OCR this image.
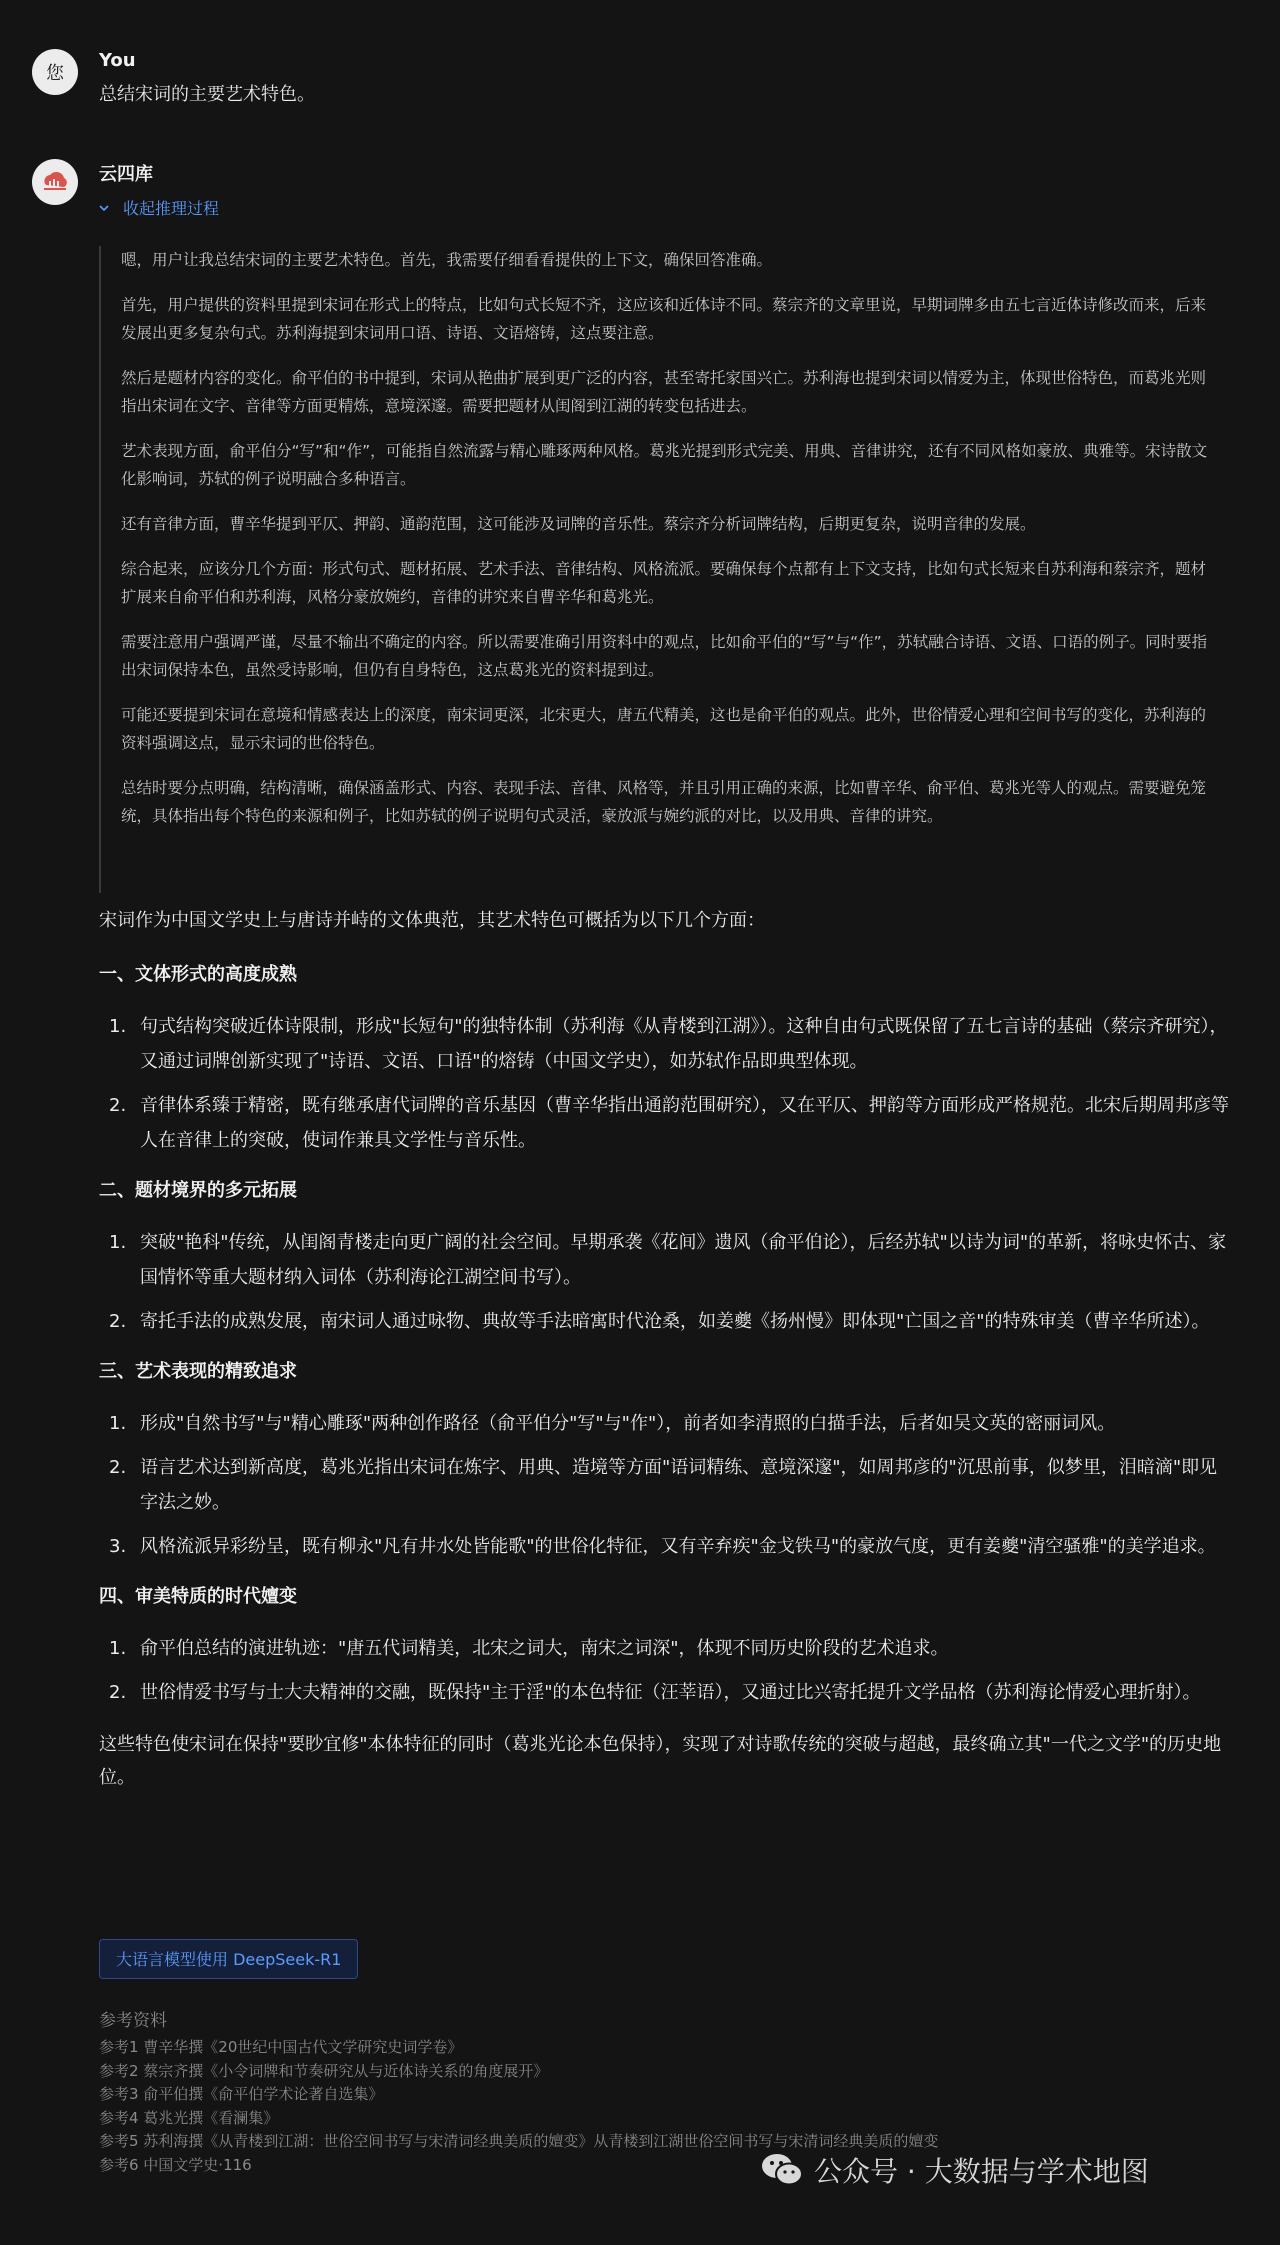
您
You
总结宋词的主要艺术特色。
云四库
收起推理过程

嗯，用户让我总结宋词的主要艺术特色。首先，我需要仔细看看提供的上下文，确保回答准确。

首先，用户提供的资料里提到宋词在形式上的特点，比如句式长短不齐，这应该和近体诗不同。蔡宗齐的文章里说，早期词牌多由五七言近体诗修改而来，后来发展出更多复杂句式。苏利海提到宋词用口语、诗语、文语熔铸，这点要注意。

然后是题材内容的变化。俞平伯的书中提到，宋词从艳曲扩展到更广泛的内容，甚至寄托家国兴亡。苏利海也提到宋词以情爱为主，体现世俗特色，而葛兆光则指出宋词在文字、音律等方面更精炼，意境深邃。需要把题材从闺阁到江湖的转变包括进去。

艺术表现方面，俞平伯分“写”和“作”，可能指自然流露与精心雕琢两种风格。葛兆光提到形式完美、用典、音律讲究，还有不同风格如豪放、典雅等。宋诗散文化影响词，苏轼的例子说明融合多种语言。

还有音律方面，曹辛华提到平仄、押韵、通韵范围，这可能涉及词牌的音乐性。蔡宗齐分析词牌结构，后期更复杂，说明音律的发展。

综合起来，应该分几个方面：形式句式、题材拓展、艺术手法、音律结构、风格流派。要确保每个点都有上下文支持，比如句式长短来自苏利海和蔡宗齐，题材扩展来自俞平伯和苏利海，风格分豪放婉约，音律的讲究来自曹辛华和葛兆光。

需要注意用户强调严谨，尽量不输出不确定的内容。所以需要准确引用资料中的观点，比如俞平伯的“写”与“作”，苏轼融合诗语、文语、口语的例子。同时要指出宋词保持本色，虽然受诗影响，但仍有自身特色，这点葛兆光的资料提到过。

可能还要提到宋词在意境和情感表达上的深度，南宋词更深，北宋更大，唐五代精美，这也是俞平伯的观点。此外，世俗情爱心理和空间书写的变化，苏利海的资料强调这点，显示宋词的世俗特色。

总结时要分点明确，结构清晰，确保涵盖形式、内容、表现手法、音律、风格等，并且引用正确的来源，比如曹辛华、俞平伯、葛兆光等人的观点。需要避免笼统，具体指出每个特色的来源和例子，比如苏轼的例子说明句式灵活，豪放派与婉约派的对比，以及用典、音律的讲究。

宋词作为中国文学史上与唐诗并峙的文体典范，其艺术特色可概括为以下几个方面：

一、文体形式的高度成熟
1. 句式结构突破近体诗限制，形成"长短句"的独特体制（苏利海《从青楼到江湖》）。这种自由句式既保留了五七言诗的基础（蔡宗齐研究），又通过词牌创新实现了"诗语、文语、口语"的熔铸（中国文学史），如苏轼作品即典型体现。
2. 音律体系臻于精密，既有继承唐代词牌的音乐基因（曹辛华指出通韵范围研究），又在平仄、押韵等方面形成严格规范。北宋后期周邦彦等人在音律上的突破，使词作兼具文学性与音乐性。
二、题材境界的多元拓展
1. 突破"艳科"传统，从闺阁青楼走向更广阔的社会空间。早期承袭《花间》遗风（俞平伯论），后经苏轼"以诗为词"的革新，将咏史怀古、家国情怀等重大题材纳入词体（苏利海论江湖空间书写）。
2. 寄托手法的成熟发展，南宋词人通过咏物、典故等手法暗寓时代沧桑，如姜夔《扬州慢》即体现"亡国之音"的特殊审美（曹辛华所述）。
三、艺术表现的精致追求
1. 形成"自然书写"与"精心雕琢"两种创作路径（俞平伯分"写"与"作"），前者如李清照的白描手法，后者如吴文英的密丽词风。
2. 语言艺术达到新高度，葛兆光指出宋词在炼字、用典、造境等方面"语词精练、意境深邃"，如周邦彦的"沉思前事，似梦里，泪暗滴"即见字法之妙。
3. 风格流派异彩纷呈，既有柳永"凡有井水处皆能歌"的世俗化特征，又有辛弃疾"金戈铁马"的豪放气度，更有姜夔"清空骚雅"的美学追求。
四、审美特质的时代嬗变
1. 俞平伯总结的演进轨迹："唐五代词精美，北宋之词大，南宋之词深"，体现不同历史阶段的艺术追求。
2. 世俗情爱书写与士大夫精神的交融，既保持"主于淫"的本色特征（汪莘语），又通过比兴寄托提升文学品格（苏利海论情爱心理折射）。

这些特色使宋词在保持"要眇宜修"本体特征的同时（葛兆光论本色保持），实现了对诗歌传统的突破与超越，最终确立其"一代之文学"的历史地位。

大语言模型使用 DeepSeek-R1
参考资料
参考1 曹辛华撰《20世纪中国古代文学研究史词学卷》
参考2 蔡宗齐撰《小令词牌和节奏研究从与近体诗关系的角度展开》
参考3 俞平伯撰《俞平伯学术论著自选集》
参考4 葛兆光撰《看澜集》
参考5 苏利海撰《从青楼到江湖：世俗空间书写与宋清词经典美质的嬗变》从青楼到江湖世俗空间书写与宋清词经典美质的嬗变
参考6 中国文学史·116	公众号 · 大数据与学术地图
